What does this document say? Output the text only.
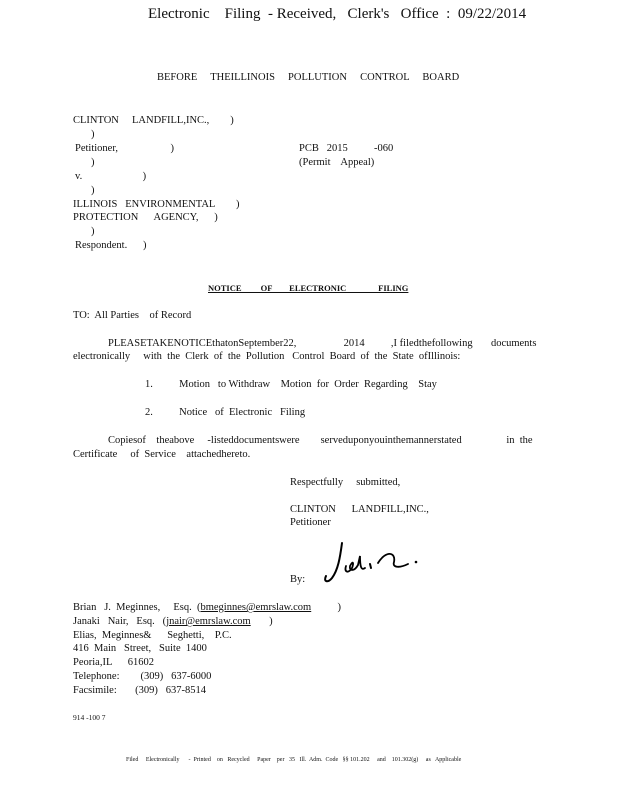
Electronic    Filing  - Received,   Clerk's   Office  :  09/22/2014
BEFORE     THEILLINOIS     POLLUTION     CONTROL     BOARD
CLINTON     LANDFILL,INC.,        )
)
Petitioner,                    )
)
v.                       )
)
ILLINOIS   ENVIRONMENTAL        )
PROTECTION      AGENCY,      )
)
Respondent.      )
PCB   2015          -060
(Permit    Appeal)
NOTICE         OF        ELECTRONIC               FILING
TO:  All Parties    of Record
PLEASETAKENOTICEthatonSeptember22,                  2014          ,I filedthefollowing       documents
electronically     with  the  Clerk  of  the  Pollution   Control  Board  of  the  State  ofIllinois:
1.          Motion   to Withdraw    Motion  for  Order  Regarding    Stay
2.          Notice   of  Electronic   Filing
Copiesof    theabove     -listeddocumentswere        serveduponyouinthemannerstated                 in  the
Certificate     of  Service    attachedhereto.
Respectfully     submitted,
CLINTON      LANDFILL,INC.,
Petitioner
By:
Brian   J.  Meginnes,     Esq.  (bmeginnes@emrslaw.com	)
Janaki   Nair,   Esq.   (jnair@emrslaw.com )
Elias,  Meginnes&      Seghetti,    P.C.
416  Main   Street,   Suite  1400
Peoria,IL      61602
Telephone:        (309)   637-6000
Facsimile:       (309)   637-8514
914 -100 7
Filed     Electronically      -  Printed    on   Recycled     Paper    per   35   Ill.  Adm.  Code   §§ 101.202     and    101.302(g)     as   Applicable
